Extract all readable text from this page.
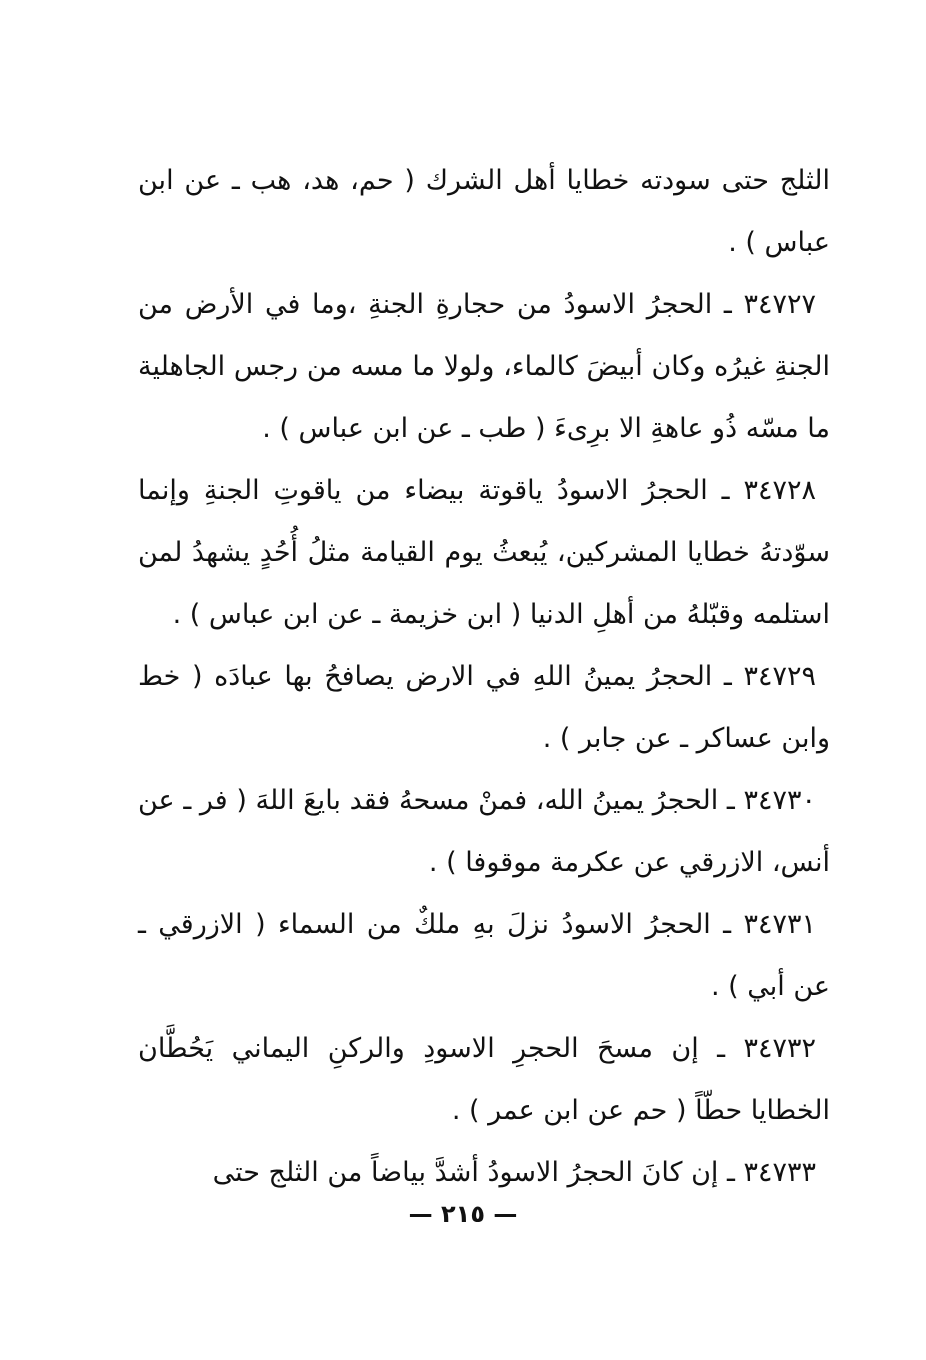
الثلج حتى سودته خطايا أهل الشرك ( حم، هد، هب ـ عن ابن عباس ) .

٣٤٧٢٧ ـ الحجرُ الاسودُ من حجارةِ الجنةِ ،وما في الأرض من الجنةِ غيرُه وكان أبيضَ كالماء، ولولا ما مسه من رجس الجاهلية ما مسّه ذُو عاهةِ الا برِىءَ ( طب ـ عن ابن عباس ) .

٣٤٧٢٨ ـ الحجرُ الاسودُ ياقوتة بيضاء من ياقوتِ الجنةِ وإنما سوّدتهُ خطايا المشركين، يُبعثُ يوم القيامة مثلُ أُحُدٍ يشهدُ لمن استلمه وقبّلهُ من أهلِ الدنيا ( ابن خزيمة ـ عن ابن عباس ) .

٣٤٧٢٩ ـ الحجرُ يمينُ اللهِ في الارض يصافحُ بها عبادَه ( خط وابن عساكر ـ عن جابر ) .

٣٤٧٣٠ ـ الحجرُ يمينُ الله، فمنْ مسحهُ فقد بايعَ اللهَ ( فر ـ عن أنس، الازرقي عن عكرمة موقوفا ) .

٣٤٧٣١ ـ الحجرُ الاسودُ نزلَ بهِ ملكٌ من السماء ( الازرقي ـ عن أبي ) .

٣٤٧٣٢ ـ إن مسحَ الحجرِ الاسودِ والركنِ اليماني يَحُطَّان الخطايا حطّاً ( حم عن ابن عمر ) .

٣٤٧٣٣ ـ إن كانَ الحجرُ الاسودُ أشدَّ بياضاً من الثلج حتى

— ٢١٥ —
